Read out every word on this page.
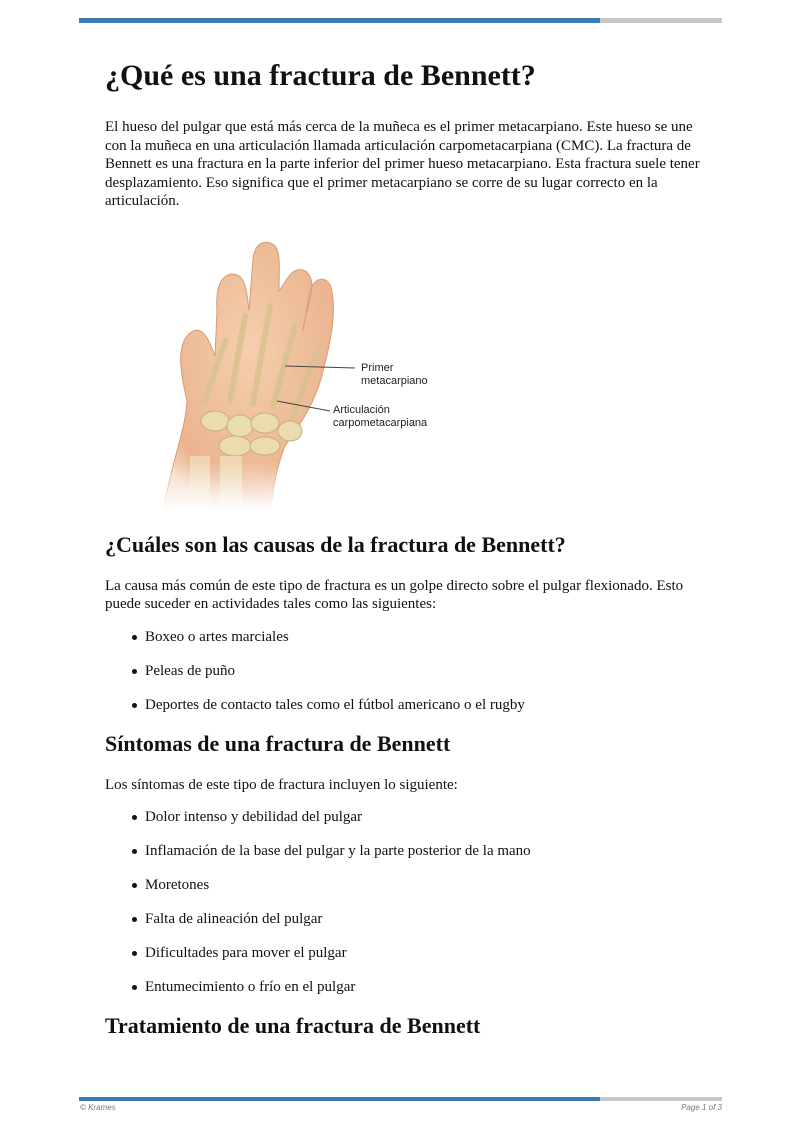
¿Qué es una fractura de Bennett?

El hueso del pulgar que está más cerca de la muñeca es el primer metacarpiano. Este hueso se une con la muñeca en una articulación llamada articulación carpometacarpiana (CMC). La fractura de Bennett es una fractura en la parte inferior del primer hueso metacarpiano. Esta fractura suele tener desplazamiento. Eso significa que el primer metacarpiano se corre de su lugar correcto en la articulación.

Primer
metacarpiano
Articulación
carpometacarpiana
¿Cuáles son las causas de la fractura de Bennett?

La causa más común de este tipo de fractura es un golpe directo sobre el pulgar flexionado. Esto puede suceder en actividades tales como las siguientes:

Boxeo o artes marciales
Peleas de puño
Deportes de contacto tales como el fútbol americano o el rugby
Síntomas de una fractura de Bennett

Los síntomas de este tipo de fractura incluyen lo siguiente:

Dolor intenso y debilidad del pulgar
Inflamación de la base del pulgar y la parte posterior de la mano
Moretones
Falta de alineación del pulgar
Dificultades para mover el pulgar
Entumecimiento o frío en el pulgar
Tratamiento de una fractura de Bennett
© Krames	Page 1 of 3
